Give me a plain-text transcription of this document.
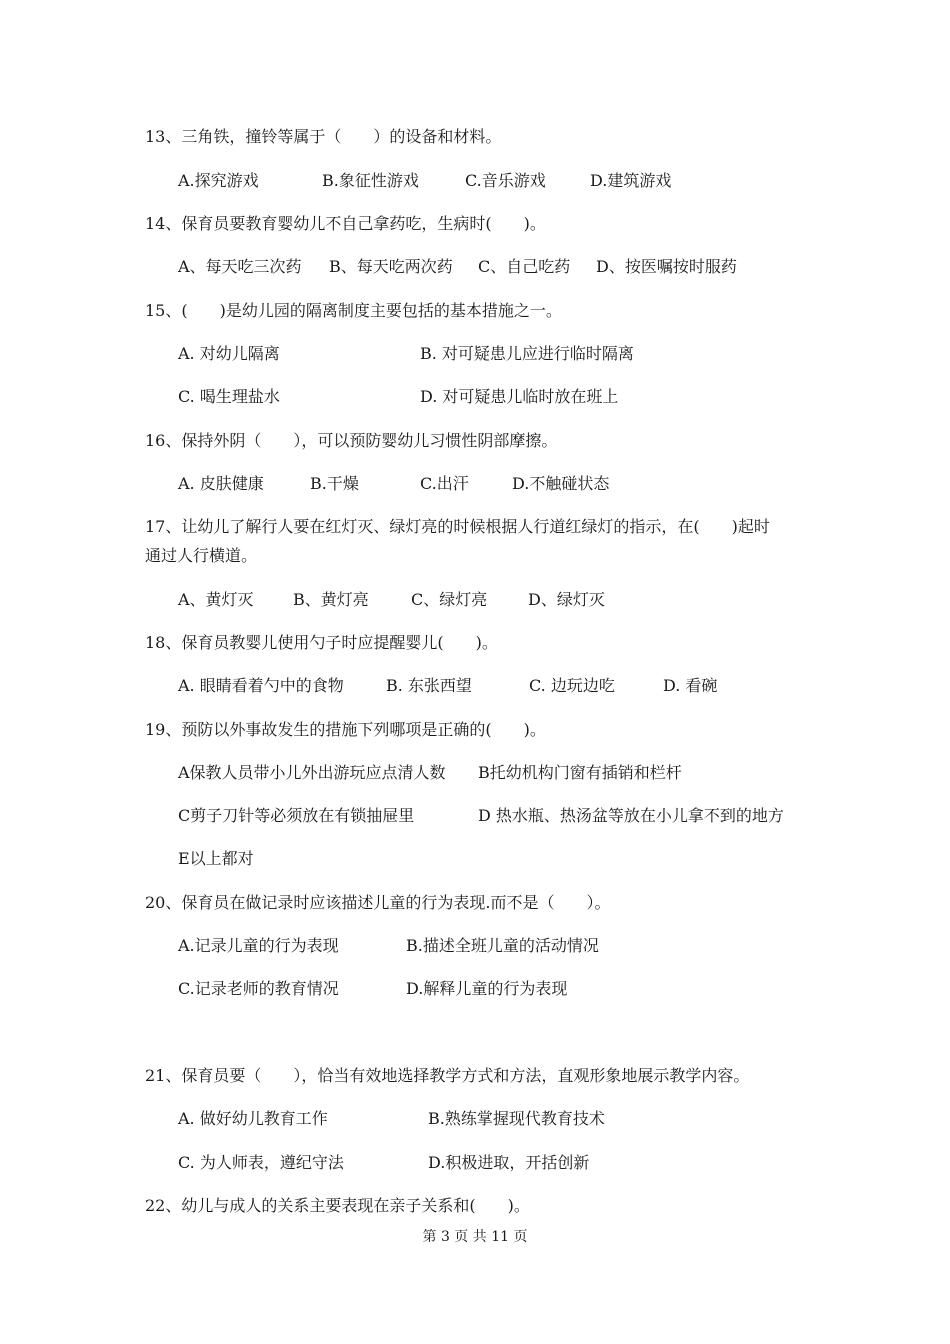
13、三角铁，撞铃等属于（　　）的设备和材料。
A.探究游戏	B.象征性游戏	C.音乐游戏	D.建筑游戏
14、保育员要教育婴幼儿不自己拿药吃，生病时(　　)。
A、每天吃三次药 B、每天吃两次药 C、自己吃药 D、按医嘱按时服药
15、(　　)是幼儿园的隔离制度主要包括的基本措施之一。
A. 对幼儿隔离	B. 对可疑患儿应进行临时隔离
C. 喝生理盐水	D. 对可疑患儿临时放在班上
16、保持外阴（　　），可以预防婴幼儿习惯性阴部摩擦。
A. 皮肤健康	B.干燥	C.出汗	D.不触碰状态
17、让幼儿了解行人要在红灯灭、绿灯亮的时候根据人行道红绿灯的指示，在(　　)起时
通过人行横道。
A、黄灯灭 B、黄灯亮	C、绿灯亮	D、绿灯灭
18、保育员教婴儿使用勺子时应提醒婴儿(　　)。
A. 眼睛看着勺中的食物	B. 东张西望	C. 边玩边吃	D. 看碗
19、预防以外事故发生的措施下列哪项是正确的(　　)。
A保教人员带小儿外出游玩应点清人数 B托幼机构门窗有插销和栏杆
C剪子刀针等必须放在有锁抽屉里	D 热水瓶、热汤盆等放在小儿拿不到的地方
E以上都对
20、保育员在做记录时应该描述儿童的行为表现.而不是（　　）。
A.记录儿童的行为表现	B.描述全班儿童的活动情况
C.记录老师的教育情况	D.解释儿童的行为表现
21、保育员要（　　），恰当有效地选择教学方式和方法，直观形象地展示教学内容。
A. 做好幼儿教育工作	B.熟练掌握现代教育技术
C. 为人师表，遵纪守法	D.积极进取，开括创新
22、幼儿与成人的关系主要表现在亲子关系和(　　)。
第 3 页 共 11 页
